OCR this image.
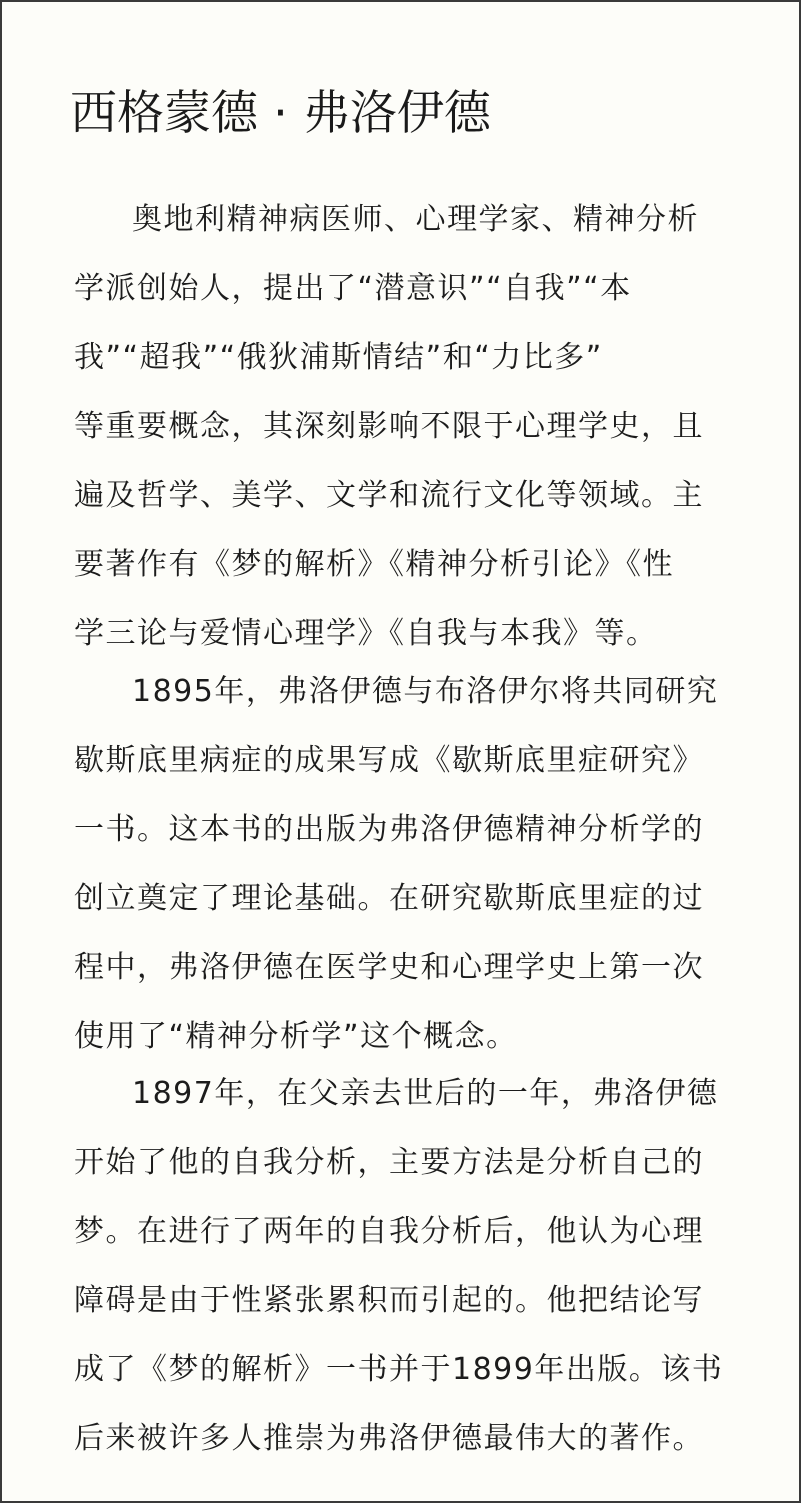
西格蒙德 · 弗洛伊德
奥地利精神病医师、心理学家、精神分析
学派创始人，提出了“潜意识”“自我”“本
我”“超我”“俄狄浦斯情结”和“力比多”
等重要概念，其深刻影响不限于心理学史，且
遍及哲学、美学、文学和流行文化等领域。主
要著作有《梦的解析》《精神分析引论》《性
学三论与爱情心理学》《自我与本我》等。
1895年，弗洛伊德与布洛伊尔将共同研究
歇斯底里病症的成果写成《歇斯底里症研究》
一书。这本书的出版为弗洛伊德精神分析学的
创立奠定了理论基础。在研究歇斯底里症的过
程中，弗洛伊德在医学史和心理学史上第一次
使用了“精神分析学”这个概念。
1897年，在父亲去世后的一年，弗洛伊德
开始了他的自我分析，主要方法是分析自己的
梦。在进行了两年的自我分析后，他认为心理
障碍是由于性紧张累积而引起的。他把结论写
成了《梦的解析》一书并于1899年出版。该书
后来被许多人推崇为弗洛伊德最伟大的著作。
